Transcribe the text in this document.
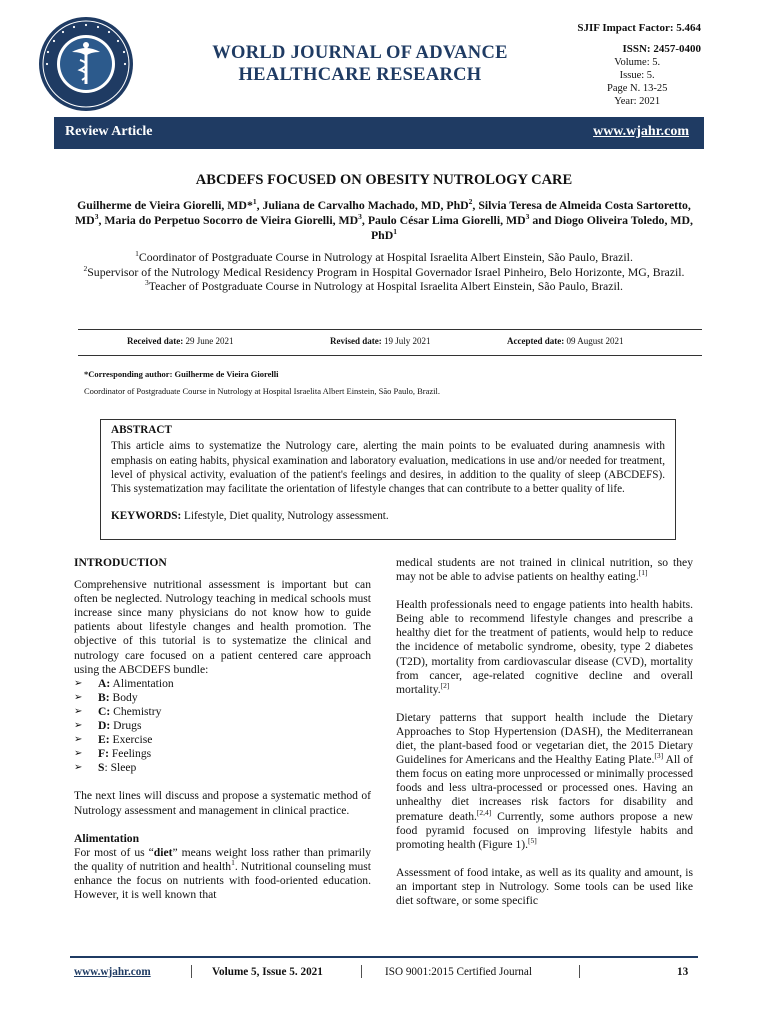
WORLD JOURNAL OF ADVANCE
HEALTHCARE RESEARCH
SJIF Impact Factor: 5.464
ISSN: 2457-0400
Volume: 5.
Issue: 5.
Page N. 13-25
Year: 2021
Review Article	www.wjahr.com
ABCDEFS FOCUSED ON OBESITY NUTROLOGY CARE
Guilherme de Vieira Giorelli, MD*$^1$, Juliana de Carvalho Machado, MD, PhD$^2$, Silvia Teresa de Almeida Costa Sartoretto, $MD^3$, Maria do Perpetuo Socorro de Vieira Giorelli, $MD^3$, Paulo César Lima Giorelli, $MD^3$ and Diogo Oliveira Toledo, MD, PhD$^1$
$^1$Coordinator of Postgraduate Course in Nutrology at Hospital Israelita Albert Einstein, São Paulo, Brazil.
$^2$Supervisor of the Nutrology Medical Residency Program in Hospital Governador Israel Pinheiro, Belo Horizonte, MG, Brazil.
$^3$Teacher of Postgraduate Course in Nutrology at Hospital Israelita Albert Einstein, São Paulo, Brazil.
Received date: 29 June 2021	Revised date: 19 July 2021	Accepted date: 09 August 2021
*Corresponding author: Guilherme de Vieira Giorelli
Coordinator of Postgraduate Course in Nutrology at Hospital Israelita Albert Einstein, São Paulo, Brazil.
ABSTRACT

This article aims to systematize the Nutrology care, alerting the main points to be evaluated during anamnesis with emphasis on eating habits, physical examination and laboratory evaluation, medications in use and/or needed for treatment, level of physical activity, evaluation of the patient's feelings and desires, in addition to the quality of sleep (ABCDEFS). This systematization may facilitate the orientation of lifestyle changes that can contribute to a better quality of life.

KEYWORDS: Lifestyle, Diet quality, Nutrology assessment.

INTRODUCTION

Comprehensive nutritional assessment is important but can often be neglected. Nutrology teaching in medical schools must increase since many physicians do not know how to guide patients about lifestyle changes and health promotion. The objective of this tutorial is to systematize the clinical and nutrology care focused on a patient centered care approach using the ABCDEFS bundle:

➢ A: Alimentation
➢ B: Body
➢ C: Chemistry
➢ D: Drugs
➢ E: Exercise
➢ F: Feelings
➢ S: Sleep

The next lines will discuss and propose a systematic method of Nutrology assessment and management in clinical practice.

Alimentation

For most of us “diet” means weight loss rather than primarily the quality of nutrition and health$^1$. Nutritional counseling must enhance the focus on nutrients with food-oriented education. However, it is well known that

medical students are not trained in clinical nutrition, so they may not be able to advise patients on healthy eating.[1]

Health professionals need to engage patients into health habits. Being able to recommend lifestyle changes and prescribe a healthy diet for the treatment of patients, would help to reduce the incidence of metabolic syndrome, obesity, type 2 diabetes (T2D), mortality from cardiovascular disease (CVD), mortality from cancer, age-related cognitive decline and overall mortality.[2]

Dietary patterns that support health include the Dietary Approaches to Stop Hypertension (DASH), the Mediterranean diet, the plant-based food or vegetarian diet, the 2015 Dietary Guidelines for Americans and the Healthy Eating Plate.[3] All of them focus on eating more unprocessed or minimally processed foods and less ultra-processed or processed ones. Having an unhealthy diet increases risk factors for disability and premature death.[2,4] Currently, some authors propose a new food pyramid focused on improving lifestyle habits and promoting health (Figure 1).[5]

Assessment of food intake, as well as its quality and amount, is an important step in Nutrology. Some tools can be used like diet software, or some specific

www.wjahr.com	| Volume 5, Issue 5. 2021 | ISO 9001:2015 Certified Journal	|	13
